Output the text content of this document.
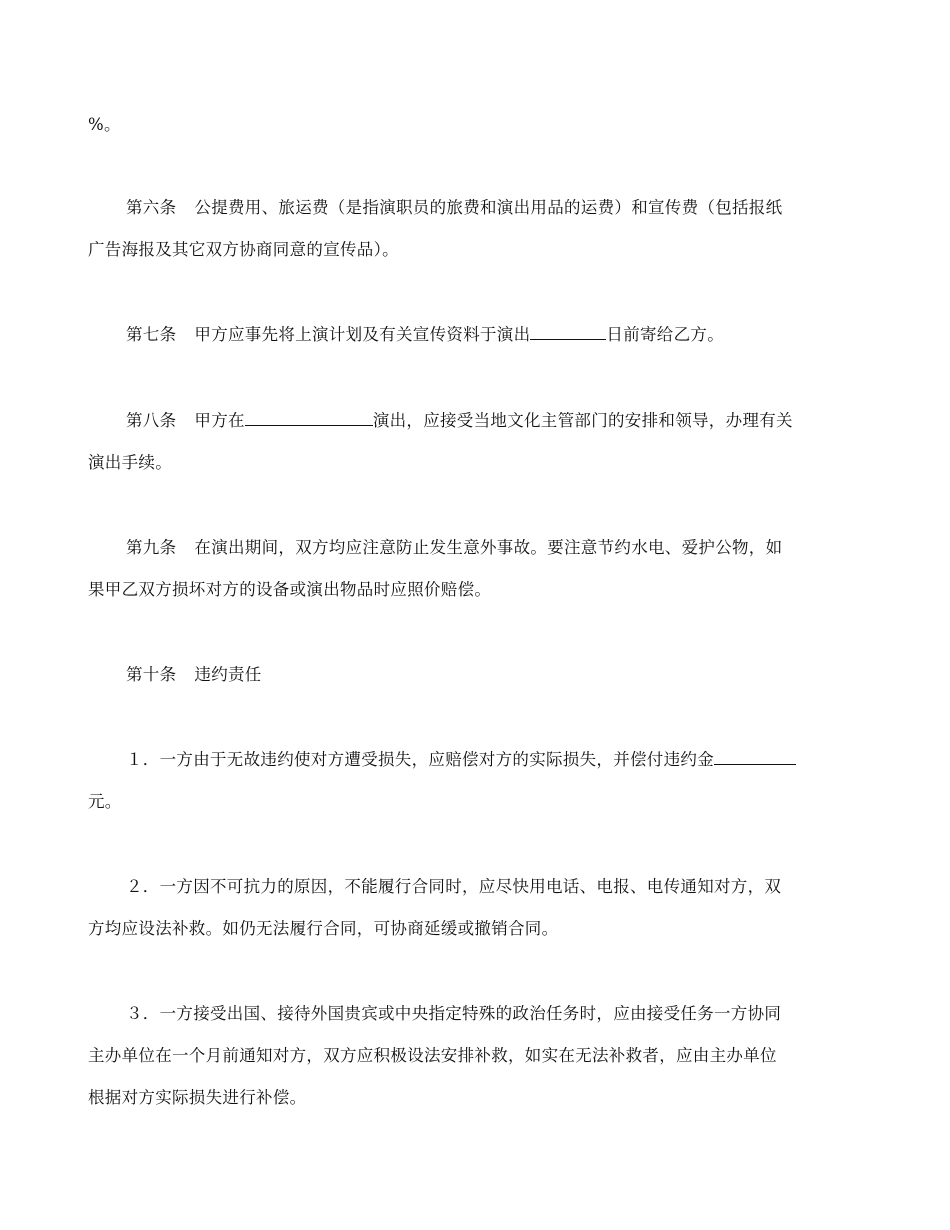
%。
第六条 公提费用、旅运费（是指演职员的旅费和演出用品的运费）和宣传费（包括报纸
广告海报及其它双方协商同意的宣传品）。
第七条 甲方应事先将上演计划及有关宣传资料于演出	日前寄给乙方。
第八条 甲方在	演出，应接受当地文化主管部门的安排和领导，办理有关
演出手续。
第九条 在演出期间，双方均应注意防止发生意外事故。要注意节约水电、爱护公物，如
果甲乙双方损坏对方的设备或演出物品时应照价赔偿。
第十条 违约责任
１．一方由于无故违约使对方遭受损失，应赔偿对方的实际损失，并偿付违约金
元。
２．一方因不可抗力的原因，不能履行合同时，应尽快用电话、电报、电传通知对方，双
方均应设法补救。如仍无法履行合同，可协商延缓或撤销合同。
３．一方接受出国、接待外国贵宾或中央指定特殊的政治任务时，应由接受任务一方协同
主办单位在一个月前通知对方，双方应积极设法安排补救，如实在无法补救者，应由主办单位
根据对方实际损失进行补偿。
